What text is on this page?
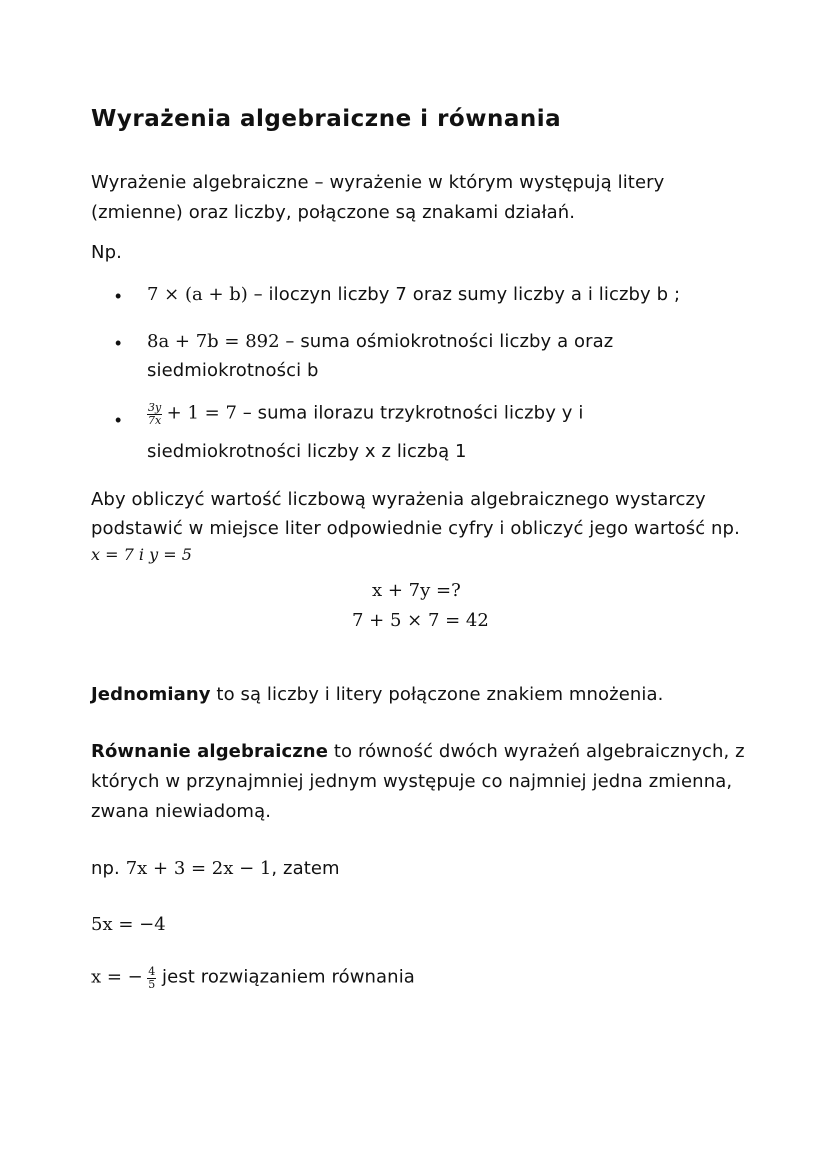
Wyrażenia algebraiczne i równania
Wyrażenie algebraiczne – wyrażenie w którym występują litery
(zmienne) oraz liczby, połączone są znakami działań.
Np.
• 7 × (a + b) – iloczyn liczby 7 oraz sumy liczby a i liczby b ;
• 8a + 7b = 892 – suma ośmiokrotności liczby a oraz
siedmiokrotności b
• $\frac{3y}{7x} + 1 = 7$ – suma ilorazu trzykrotności liczby y i
siedmiokrotności liczby x z liczbą 1
Aby obliczyć wartość liczbową wyrażenia algebraicznego wystarczy
podstawić w miejsce liter odpowiednie cyfry i obliczyć jego wartość np.
x = 7 i y = 5
x + 7y =?
7 + 5 × 7 = 42
Jednomiany to są liczby i litery połączone znakiem mnożenia.
Równanie algebraiczne to równość dwóch wyrażeń algebraicznych, z
których w przynajmniej jednym występuje co najmniej jedna zmienna,
zwana niewiadomą.
np. 7x + 3 = 2x − 1, zatem
5x = −4
x = − $\frac{4}{5}$ jest rozwiązaniem równania
